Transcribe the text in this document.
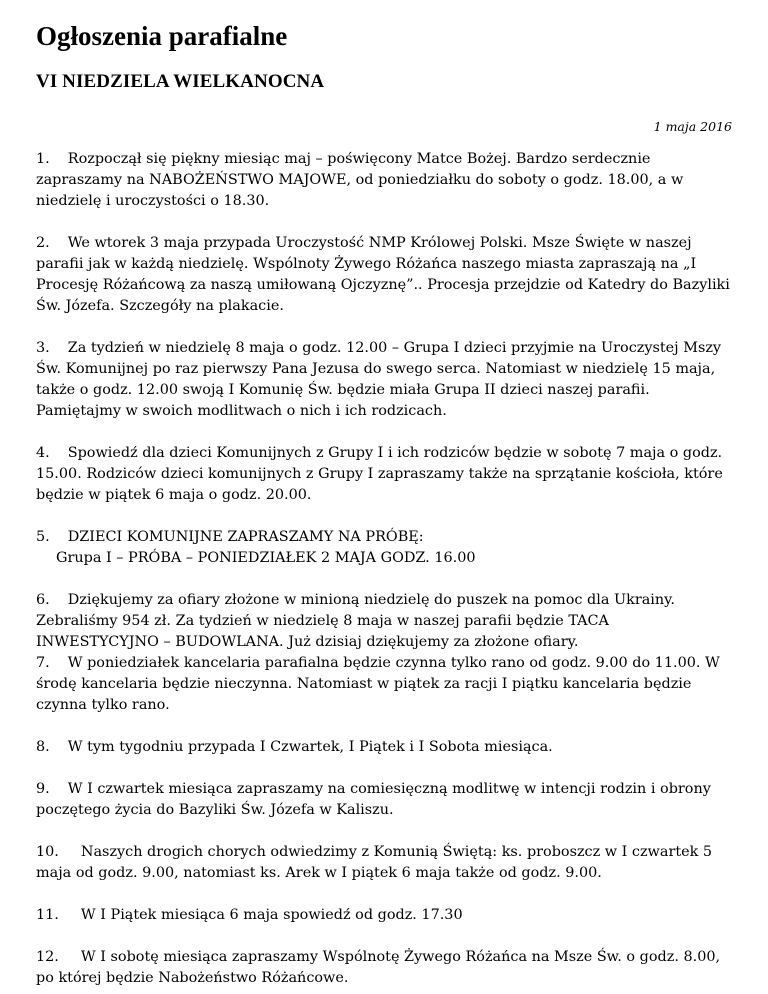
Ogłoszenia parafialne
VI NIEDZIELA WIELKANOCNA
1 maja 2016

1. Rozpoczął się piękny miesiąc maj – poświęcony Matce Bożej. Bardzo serdecznie zapraszamy na NABOŻEŃSTWO MAJOWE, od poniedziałku do soboty o godz. 18.00, a w niedzielę i uroczystości o 18.30.

2. We wtorek 3 maja przypada Uroczystość NMP Królowej Polski. Msze Święte w naszej parafii jak w każdą niedzielę. Wspólnoty Żywego Różańca naszego miasta zapraszają na „I Procesję Różańcową za naszą umiłowaną Ojczyznę”.. Procesja przejdzie od Katedry do Bazyliki Św. Józefa. Szczegóły na plakacie.

3. Za tydzień w niedzielę 8 maja o godz. 12.00 – Grupa I dzieci przyjmie na Uroczystej Mszy Św. Komunijnej po raz pierwszy Pana Jezusa do swego serca. Natomiast w niedzielę 15 maja, także o godz. 12.00 swoją I Komunię Św. będzie miała Grupa II dzieci naszej parafii. Pamiętajmy w swoich modlitwach o nich i ich rodzicach.

4. Spowiedź dla dzieci Komunijnych z Grupy I i ich rodziców będzie w sobotę 7 maja o godz. 15.00. Rodziców dzieci komunijnych z Grupy I zapraszamy także na sprzątanie kościoła, które będzie w piątek 6 maja o godz. 20.00.

5. DZIECI KOMUNIJNE ZAPRASZAMY NA PRÓBĘ:
Grupa I – PRÓBA – PONIEDZIAŁEK 2 MAJA GODZ. 16.00

6. Dziękujemy za ofiary złożone w minioną niedzielę do puszek na pomoc dla Ukrainy. Zebraliśmy 954 zł. Za tydzień w niedzielę 8 maja w naszej parafii będzie TACA INWESTYCYJNO – BUDOWLANA. Już dzisiaj dziękujemy za złożone ofiary.

7. W poniedziałek kancelaria parafialna będzie czynna tylko rano od godz. 9.00 do 11.00. W środę kancelaria będzie nieczynna. Natomiast w piątek za racji I piątku kancelaria będzie czynna tylko rano.

8. W tym tygodniu przypada I Czwartek, I Piątek i I Sobota miesiąca.

9. W I czwartek miesiąca zapraszamy na comiesięczną modlitwę w intencji rodzin i obrony poczętego życia do Bazyliki Św. Józefa w Kaliszu.

10. Naszych drogich chorych odwiedzimy z Komunią Świętą: ks. proboszcz w I czwartek 5 maja od godz. 9.00, natomiast ks. Arek w I piątek 6 maja także od godz. 9.00.

11. W I Piątek miesiąca 6 maja spowiedź od godz. 17.30

12. W I sobotę miesiąca zapraszamy Wspólnotę Żywego Różańca na Msze Św. o godz. 8.00, po której będzie Nabożeństwo Różańcowe.
